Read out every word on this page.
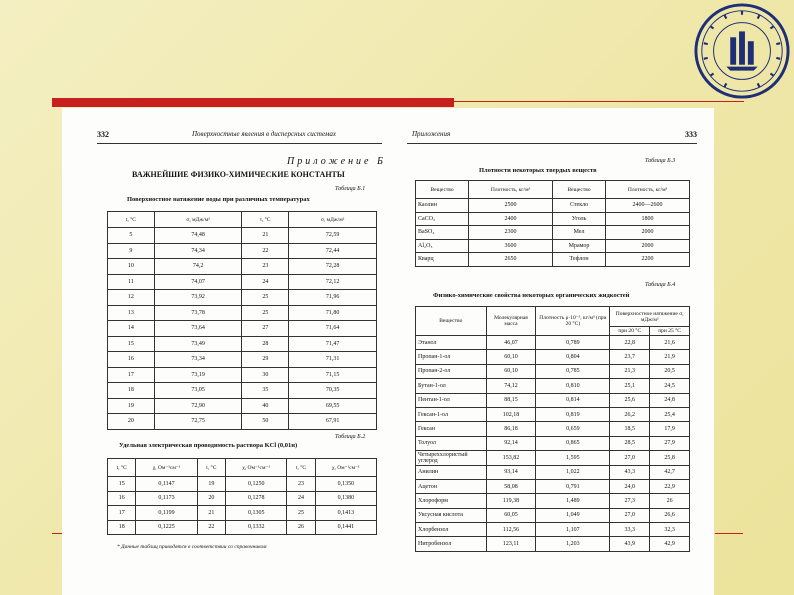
332	Поверхностные явления в дисперсных системах
Приложение Б
ВАЖНЕЙШИЕ ФИЗИКО-ХИМИЧЕСКИЕ КОНСТАНТЫ
Таблица Б.1
Поверхностное натяжение воды при различных температурах
t, °C	σ, мДж/м²	t, °C	σ, мДж/м²
5	74,48	21	72,59
9	74,34	22	72,44
10	74,2	23	72,28
11	74,07	24	72,12
12	73,92	25	71,96
13	73,78	25	71,80
14	73,64	27	71,64
15	73,49	28	71,47
16	73,34	29	71,31
17	73,19	30	71,15
18	73,05	35	70,35
19	72,90	40	69,55
20	72,75	50	67,91
Таблица Б.2
Удельная электрическая проводимость раствора KCl (0,01н)
t, °C	χ, Ом⁻¹см⁻¹	t, °C	χ, Ом⁻¹см⁻¹	t, °C	χ, Ом⁻¹см⁻¹
15	0,1147	19	0,1250	23	0,1350
16	0,1173	20	0,1278	24	0,1380
17	0,1199	21	0,1305	25	0,1413
18	0,1225	22	0,1332	26	0,1441
* Данные таблиц приводятся в соответствии со справочником
Приложения	333
Таблица Б.3
Плотности некоторых твердых веществ
Вещество	Плотность, кг/м³	Вещество	Плотность, кг/м³
Каолин	2500	Стекло	2400—2600
CaCO₃	2400	Уголь	1800
BaSO₄	2300	Мел	2000
Al₂O₃	3600	Мрамор	2000
Кварц	2650	Тефлон	2200
Таблица Б.4
Физико-химические свойства некоторых органических жидкостей
Вещество	Молекулярная масса	Плотность ρ·10⁻³, кг/м³ (при 20 °С)	Поверхностное натяжение σ, мДж/м²	
			при 20 °С	при 25 °С
Этанол	46,07	0,789	22,8	21,6
Пропан-1-ол	60,10	0,804	23,7	21,9
Пропан-2-ол	60,10	0,785	21,3	20,5
Бутан-1-ол	74,12	0,810	25,1	24,5
Пентан-1-ол	88,15	0,814	25,6	24,8
Гексан-1-ол	102,18	0,819	26,2	25,4
Гексан	86,18	0,659	18,5	17,9
Толуол	92,14	0,865	28,5	27,9
Четыреххлористый углерод	153,82	1,595	27,0	25,8
Анилин	93,14	1,022	43,3	42,7
Ацетон	58,08	0,791	24,0	22,9
Хлороформ	119,38	1,489	27,3	26
Уксусная кислота	60,05	1,049	27,0	26,6
Хлорбензол	112,56	1,107	33,3	32,3
Нитробензол	123,11	1,203	43,9	42,9
